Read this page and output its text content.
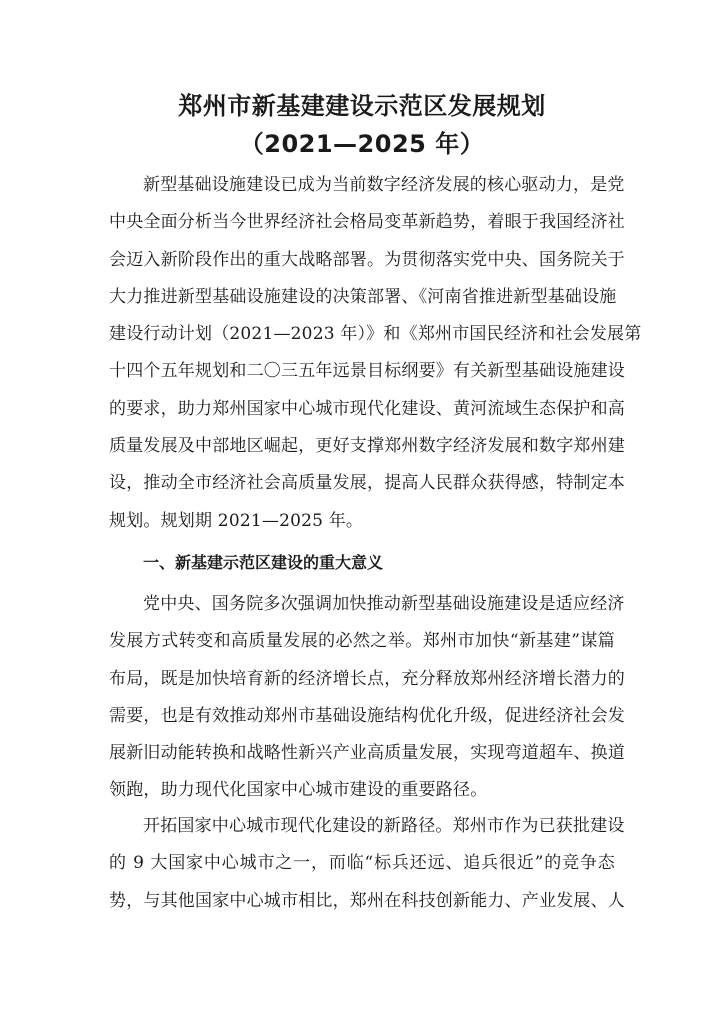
郑州市新基建建设示范区发展规划
（2021—2025 年）
新型基础设施建设已成为当前数字经济发展的核心驱动力，是党
中央全面分析当今世界经济社会格局变革新趋势，着眼于我国经济社
会迈入新阶段作出的重大战略部署。为贯彻落实党中央、国务院关于
大力推进新型基础设施建设的决策部署、《河南省推进新型基础设施
建设行动计划（2021—2023 年）》和《郑州市国民经济和社会发展第
十四个五年规划和二〇三五年远景目标纲要》有关新型基础设施建设
的要求，助力郑州国家中心城市现代化建设、黄河流域生态保护和高
质量发展及中部地区崛起，更好支撑郑州数字经济发展和数字郑州建
设，推动全市经济社会高质量发展，提高人民群众获得感，特制定本
规划。规划期 2021—2025 年。
一、新基建示范区建设的重大意义
党中央、国务院多次强调加快推动新型基础设施建设是适应经济
发展方式转变和高质量发展的必然之举。郑州市加快“新基建”谋篇
布局，既是加快培育新的经济增长点，充分释放郑州经济增长潜力的
需要，也是有效推动郑州市基础设施结构优化升级，促进经济社会发
展新旧动能转换和战略性新兴产业高质量发展，实现弯道超车、换道
领跑，助力现代化国家中心城市建设的重要路径。
开拓国家中心城市现代化建设的新路径。郑州市作为已获批建设
的 9 大国家中心城市之一，而临“标兵还远、追兵很近”的竞争态
势，与其他国家中心城市相比，郑州在科技创新能力、产业发展、人
